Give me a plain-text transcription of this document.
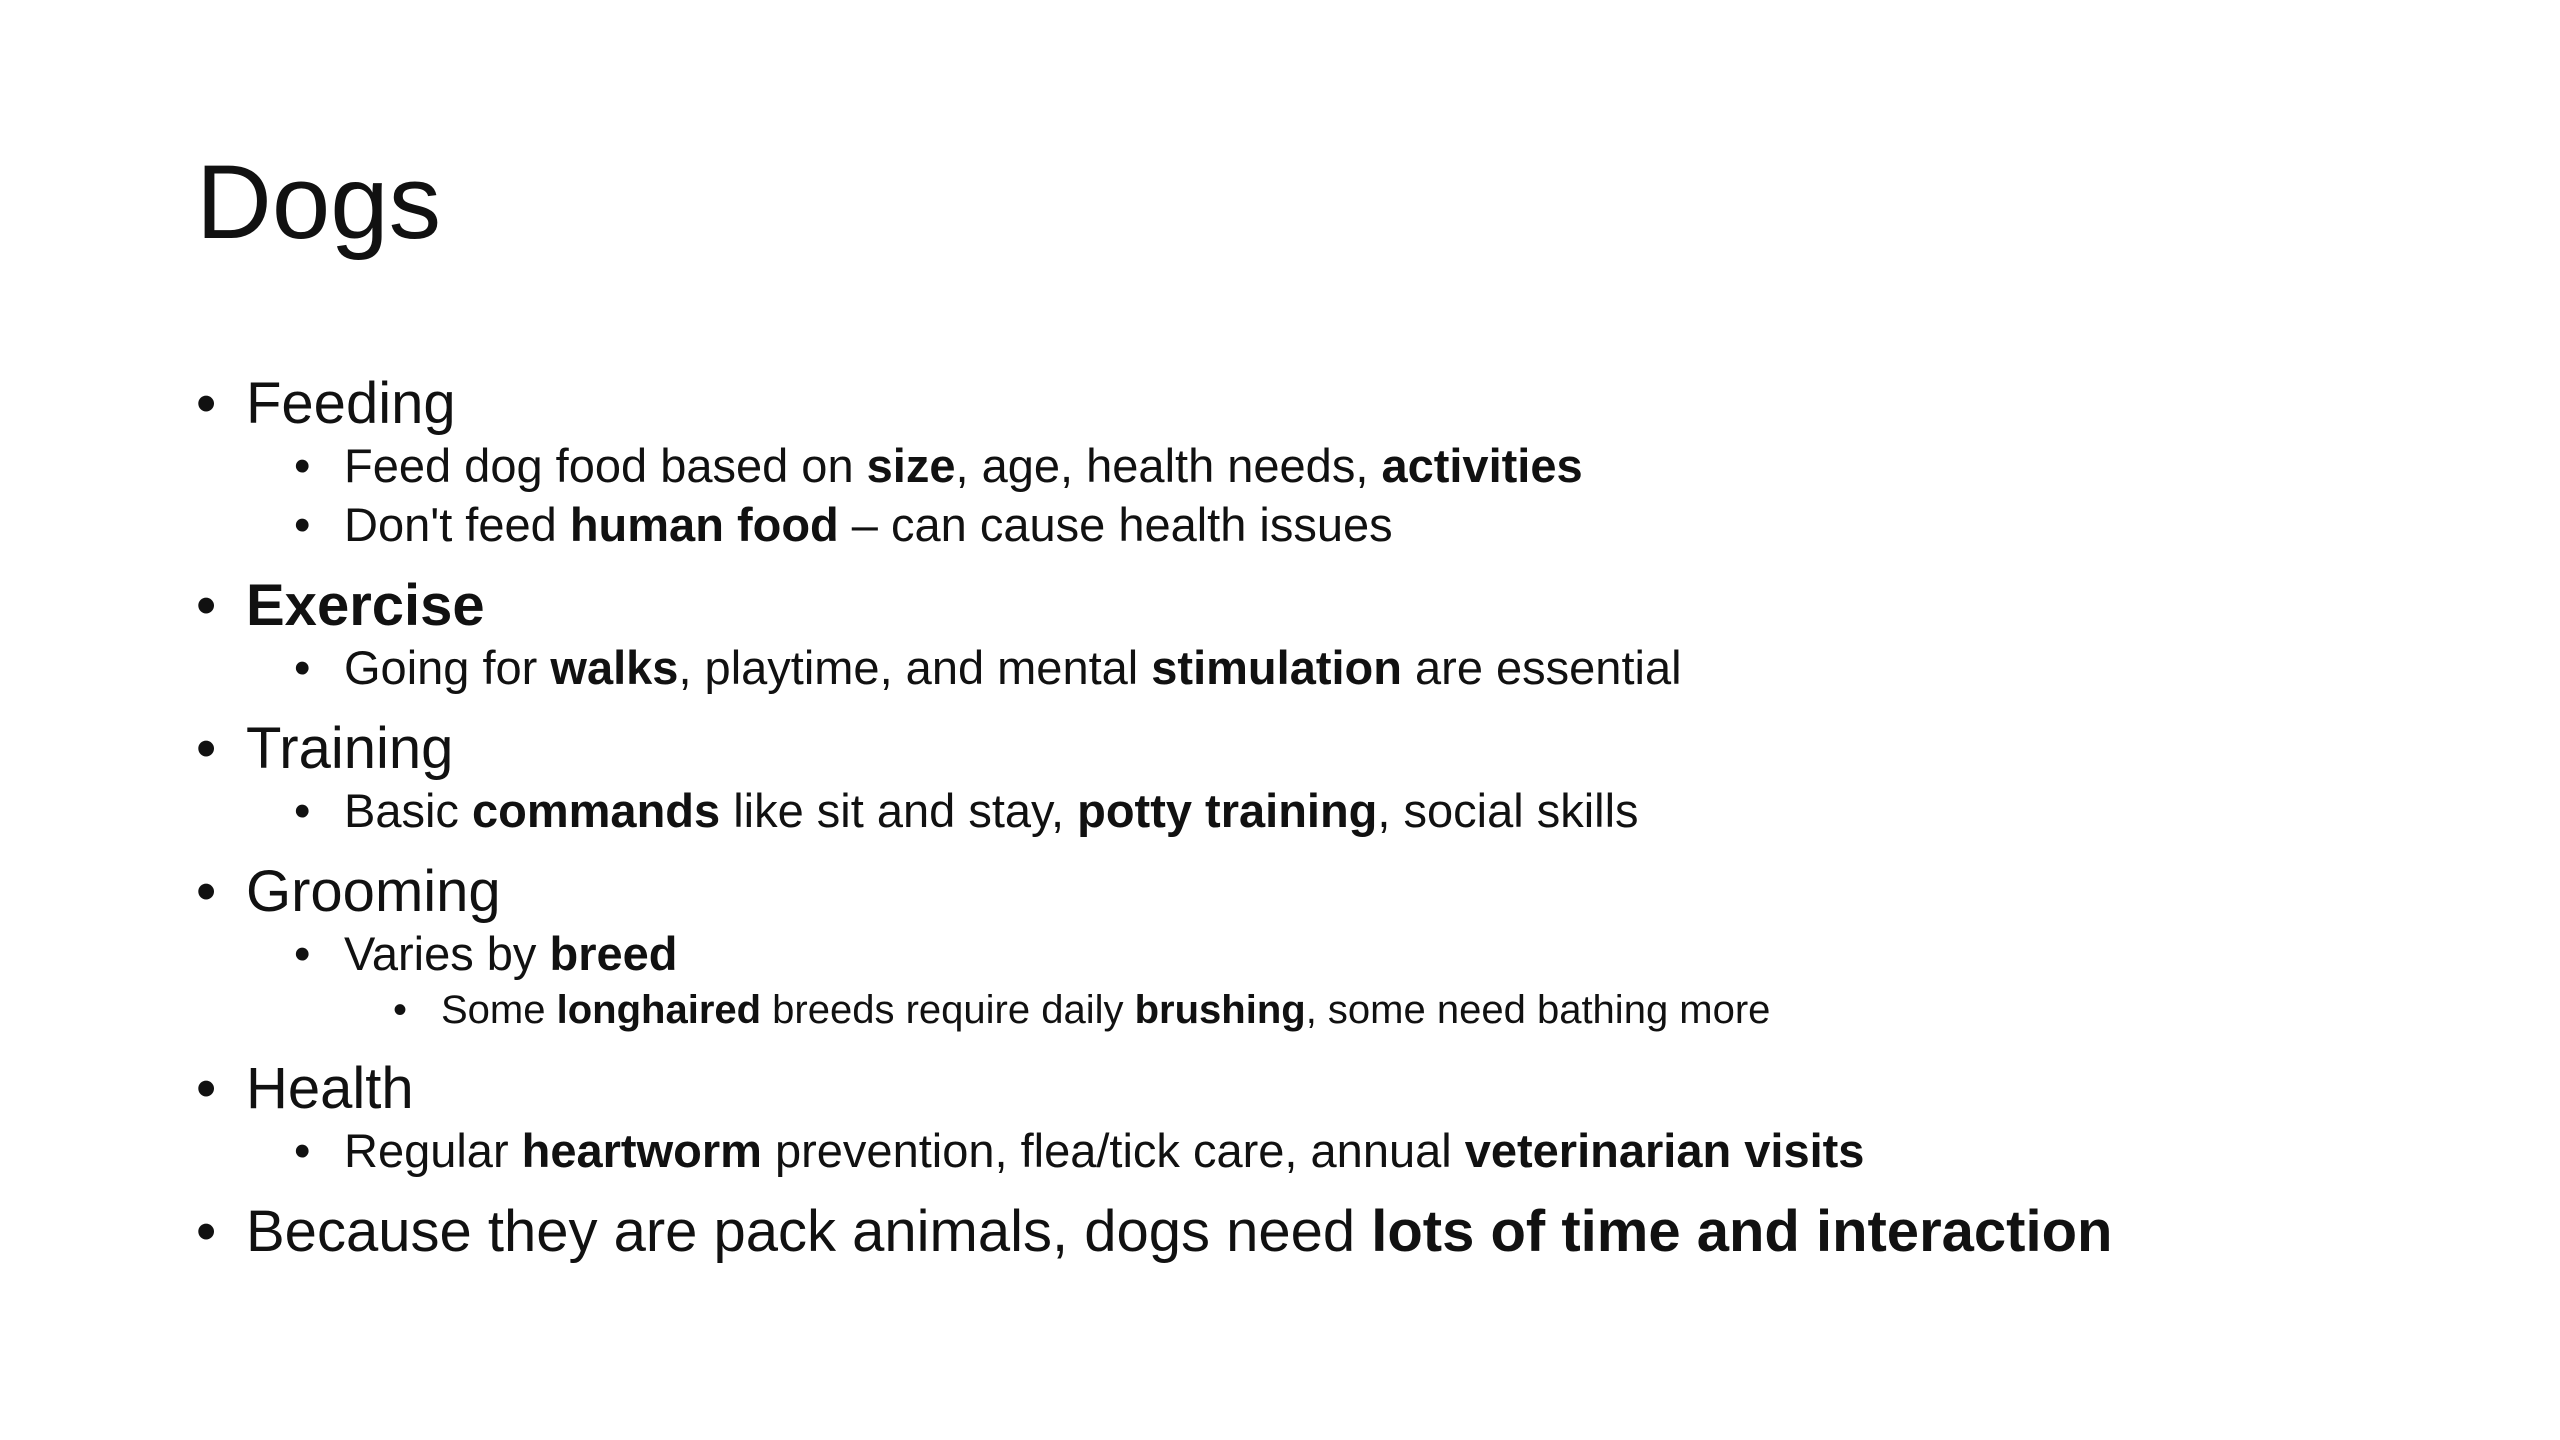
Dogs
• Feeding
• Feed dog food based on size, age, health needs, activities
• Don't feed human food – can cause health issues
• Exercise
• Going for walks, playtime, and mental stimulation are essential
• Training
• Basic commands like sit and stay, potty training, social skills
• Grooming
• Varies by breed
• Some longhaired breeds require daily brushing, some need bathing more
• Health
• Regular heartworm prevention, flea/tick care, annual veterinarian visits
• Because they are pack animals, dogs need lots of time and interaction
